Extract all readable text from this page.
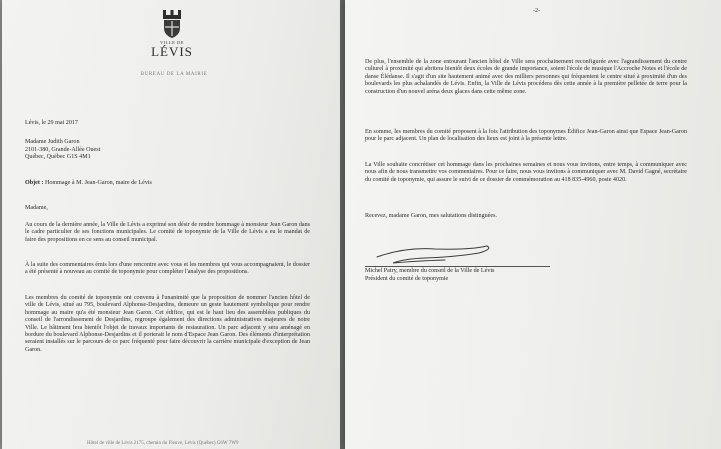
VILLE DE
LÉVIS
BUREAU DE LA MAIRIE
Lévis, le 29 mai 2017
Madame Judith Garon
2101-380, Grande-Allée Ouest
Québec, Québec G1S 4M1
Objet : Hommage à M. Jean-Garon, maire de Lévis
Madame,
Au cours de la dernière année, la Ville de Lévis a exprimé son désir de rendre hommage à monsieur Jean Garon dans le cadre particulier de ses fonctions municipales. Le comité de toponymie de la Ville de Lévis a eu le mandat de faire des propositions en ce sens au conseil municipal.
À la suite des commentaires émis lors d'une rencontre avec vous et les membres qui vous accompagnaient, le dossier a été présenté à nouveau au comité de toponymie pour compléter l'analyse des propositions.
Les membres du comité de toponymie ont convenu à l'unanimité que la proposition de nommer l'ancien hôtel de ville de Lévis, situé au 795, boulevard Alphonse-Desjardins, demeure un geste hautement symbolique pour rendre hommage au maire qu'a été monsieur Jean Garon. Cet édifice, qui est le haut lieu des assemblées publiques du conseil de l'arrondissement de Desjardins, regroupe également des directions administratives majeures de notre Ville. Le bâtiment fera bientôt l'objet de travaux importants de restauration. Un parc adjacent y sera aménagé en bordure du boulevard Alphonse-Desjardins et il porterait le nom d'Espace Jean Garon. Des éléments d'interprétation seraient installés sur le parcours de ce parc fréquenté pour faire découvrir la carrière municipale d'exception de Jean Garon.
Hôtel de ville de Lévis 2175, chemin du Fleuve, Lévis (Québec) G6W 7W9
-2-
De plus, l'ensemble de la zone entourant l'ancien hôtel de Ville sera prochainement reconfigurée avec l'agrandissement du centre culturel à proximité qui abritera bientôt deux écoles de grande importance, soient l'école de musique l'Accroche Notes et l'école de danse Élédanse. Il s'agit d'un site hautement animé avec des milliers personnes qui fréquentent le centre situé à proximité d'un des boulevards les plus achalandés de Lévis. Enfin, la Ville de Lévis procédera dès cette année à la première pelletée de terre pour la construction d'un nouvel aréna deux glaces dans cette même zone.
En somme, les membres du comité proposent à la fois l'attribution des toponymes Édifice Jean-Garon ainsi que Espace Jean-Garon pour le parc adjacent. Un plan de localisation des lieux est joint à la présente lettre.
La Ville souhaite concrétiser cet hommage dans les prochaines semaines et nous vous invitons, entre temps, à communiquer avec nous afin de nous transmettre vos commentaires. Pour ce faire, nous vous invitons à communiquer avec M. David Gagné, secrétaire du comité de toponymie, qui assure le suivi de ce dossier de commémoration au 418 835-4960, poste 4020.
Recevez, madame Garon, mes salutations distinguées.
Michel Patry, membre du conseil de la Ville de Lévis
Président du comité de toponymie
